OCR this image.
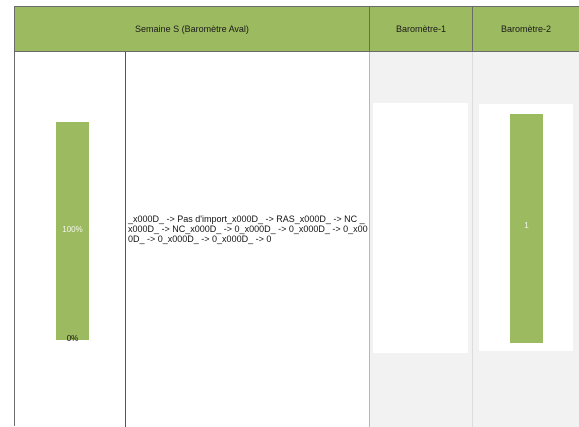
Semaine S (Baromètre Aval)	Baromètre-1	Baromètre-2
100%
0%
_x000D_ -> Pas d'import_x000D_ -> RAS_x000D_ -> NC _x000D_ -> NC_x000D_ -> 0_x000D_ -> 0_x000D_ -> 0_x000D_ -> 0_x000D_ -> 0_x000D_ -> 0
1
